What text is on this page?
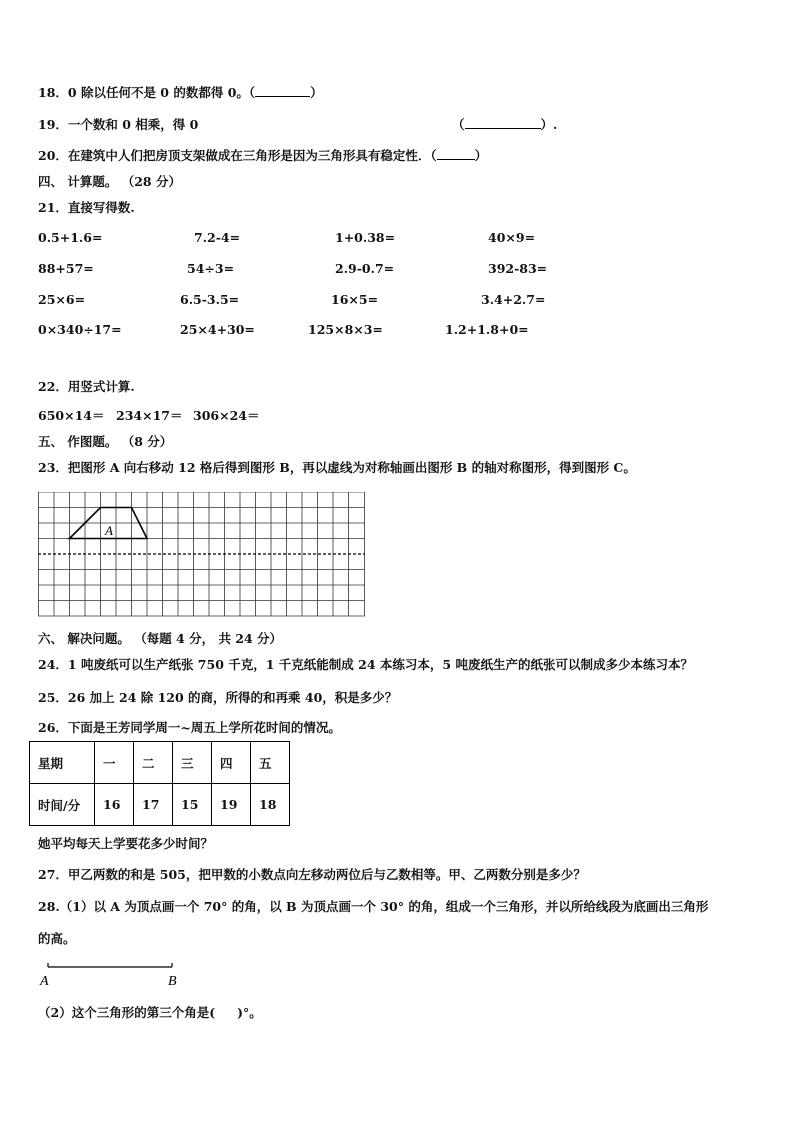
18．0 除以任何不是 0 的数都得 0。（	）
19．一个数和 0 相乘，得 0	（	）.
20．在建筑中人们把房顶支架做成在三角形是因为三角形具有稳定性．（	）
四、 计算题。 （28 分）
21．直接写得数.
0.5+1.6=	7.2-4=	1+0.38=	40×9=
88+57=	54÷3=	2.9-0.7=	392-83=
25×6=	6.5-3.5=	16×5=	3.4+2.7=
0×340÷17=	25×4+30=	125×8×3=	1.2+1.8+0=
22．用竖式计算.
650×14＝ 234×17＝ 306×24＝
五、 作图题。 （8 分）
23．把图形 A 向右移动 12 格后得到图形 B，再以虚线为对称轴画出图形 B 的轴对称图形，得到图形 C。
A
六、 解决问题。 （每题 4 分， 共 24 分）
24．1 吨废纸可以生产纸张 750 千克，1 千克纸能制成 24 本练习本，5 吨废纸生产的纸张可以制成多少本练习本？
25．26 加上 24 除 120 的商，所得的和再乘 40，积是多少？
26．下面是王芳同学周一~周五上学所花时间的情况。
星期	一	二	三	四	五
时间/分	16	17	15	19	18
她平均每天上学要花多少时间？
27．甲乙两数的和是 505，把甲数的小数点向左移动两位后与乙数相等。甲、乙两数分别是多少？
28.（1）以 A 为顶点画一个 70° 的角，以 B 为顶点画一个 30° 的角，组成一个三角形，并以所给线段为底画出三角形
的高。
A	B
（2）这个三角形的第三个角是( )°。
